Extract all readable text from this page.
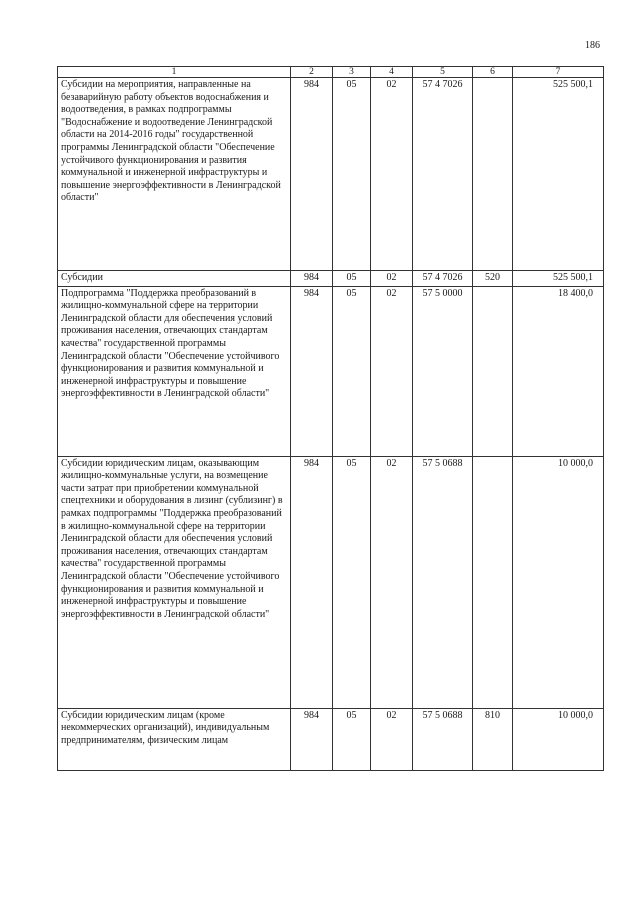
186
1	2	3	4	5	6	7
Субсидии на мероприятия, направленные на безаварийную работу объектов водоснабжения и водоотведения, в рамках подпрограммы "Водоснабжение и водоотведение Ленинградской области на 2014-2016 годы" государственной программы Ленинградской области "Обеспечение устойчивого функционирования и развития коммунальной и инженерной инфраструктуры и повышение энергоэффективности в Ленинградской области"	984	05	02	57 4 7026		525 500,1
Субсидии	984	05	02	57 4 7026	520	525 500,1
Подпрограмма "Поддержка преобразований в жилищно-коммунальной сфере на территории Ленинградской области для обеспечения условий проживания населения, отвечающих стандартам качества" государственной программы Ленинградской области "Обеспечение устойчивого функционирования и развития коммунальной и инженерной инфраструктуры и повышение энергоэффективности в Ленинградской области"	984	05	02	57 5 0000		18 400,0
Субсидии юридическим лицам, оказывающим жилищно-коммунальные услуги, на возмещение части затрат при приобретении коммунальной спецтехники и оборудования в лизинг (сублизинг) в рамках подпрограммы "Поддержка преобразований в жилищно-коммунальной сфере на территории Ленинградской области для обеспечения условий проживания населения, отвечающих стандартам качества" государственной программы Ленинградской области "Обеспечение устойчивого функционирования и развития коммунальной и инженерной инфраструктуры и повышение энергоэффективности в Ленинградской области"	984	05	02	57 5 0688		10 000,0
Субсидии юридическим лицам (кроме некоммерческих организаций), индивидуальным предпринимателям, физическим лицам	984	05	02	57 5 0688	810	10 000,0
